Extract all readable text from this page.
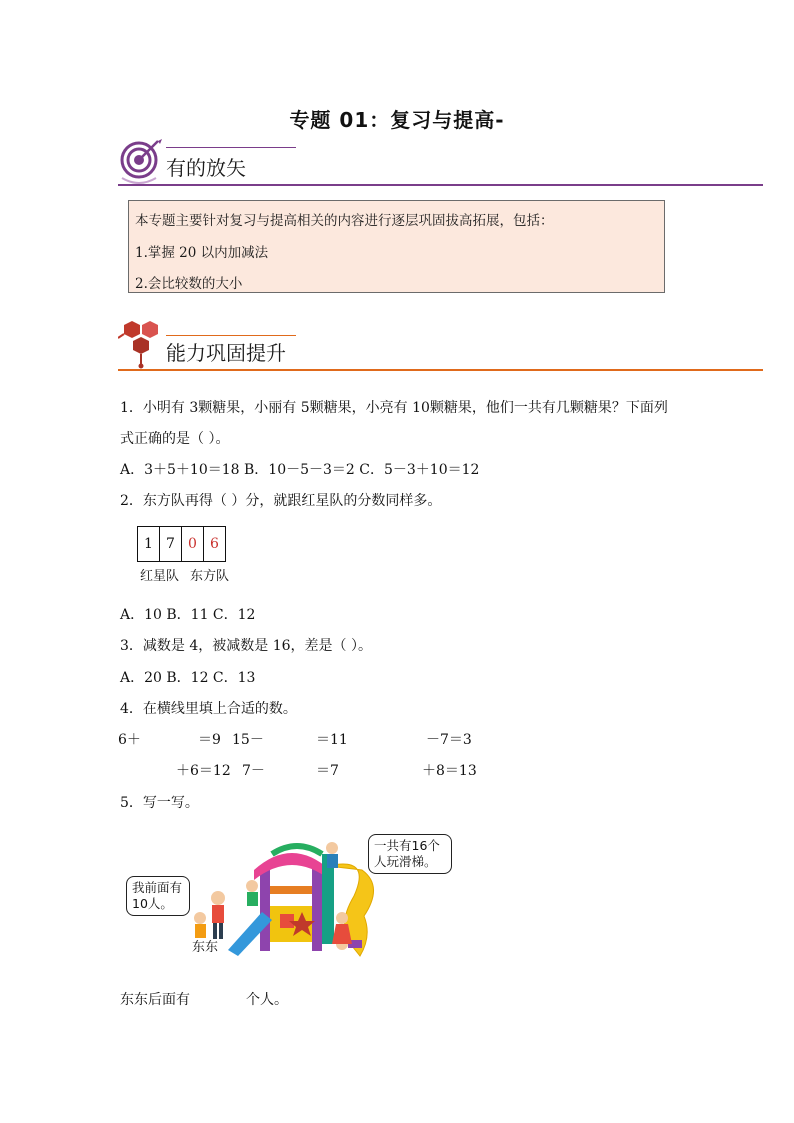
专题 01：复习与提高-
有的放矢
本专题主要针对复习与提高相关的内容进行逐层巩固拔高拓展，包括：
1.掌握 20 以内加减法
2.会比较数的大小
能力巩固提升
1．小明有 3颗糖果，小丽有 5颗糖果，小亮有 10颗糖果，他们一共有几颗糖果？下面列
式正确的是（ ）。
A．3＋5＋10＝18 B．10－5－3＝2 C．5－3＋10＝12
2．东方队再得（ ）分，就跟红星队的分数同样多。
1	7	0	6
红星队 东方队
A．10 B．11 C．12
3．减数是 4，被减数是 16，差是（ ）。
A．20 B．12 C．13
4．在横线里填上合适的数。
6＋	＝9 15－	＝11	－7＝3
＋6＝12 7－	＝7	＋8＝13
5．写一写。
我前面有10人。
一共有16个人玩滑梯。
东东
东东后面有	个人。
